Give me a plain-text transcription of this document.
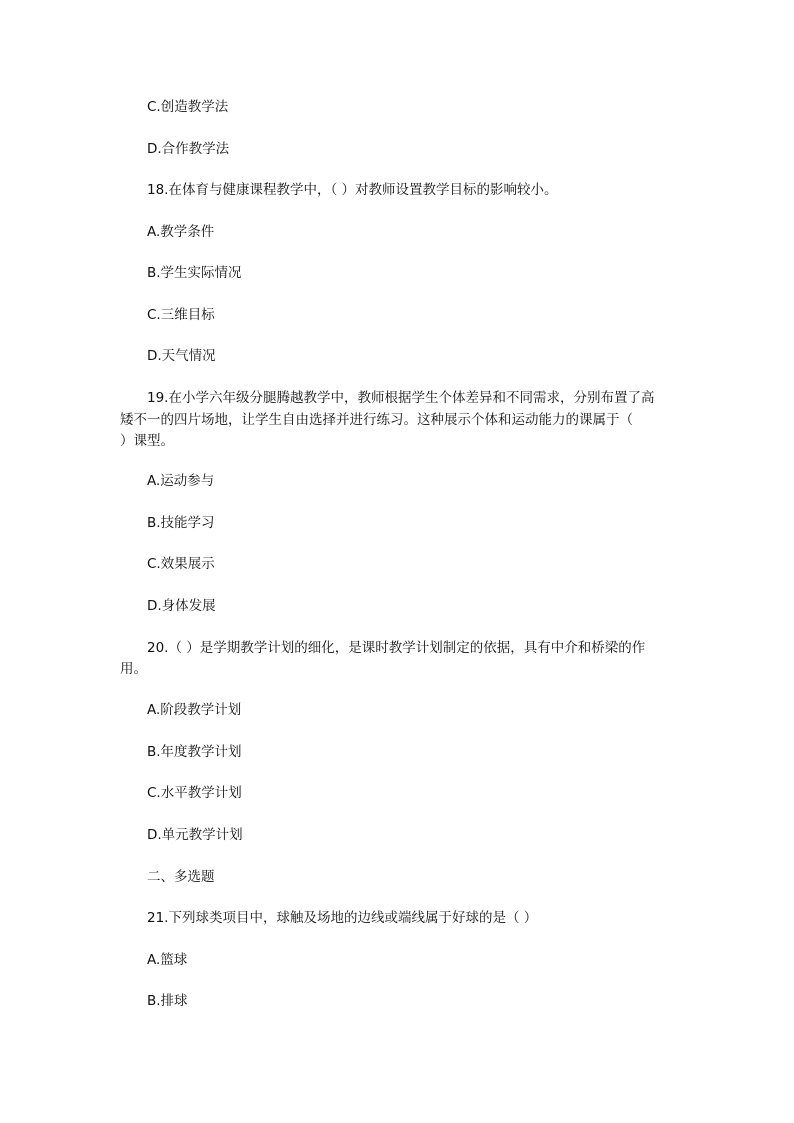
C.创造教学法
D.合作教学法
18.在体育与健康课程教学中，（ ）对教师设置教学目标的影响较小。
A.教学条件
B.学生实际情况
C.三维目标
D.天气情况
19.在小学六年级分腿腾越教学中，教师根据学生个体差异和不同需求，分别布置了高
矮不一的四片场地，让学生自由选择并进行练习。这种展示个体和运动能力的课属于（
）课型。
A.运动参与
B.技能学习
C.效果展示
D.身体发展
20.（ ）是学期教学计划的细化，是课时教学计划制定的依据，具有中介和桥梁的作
用。
A.阶段教学计划
B.年度教学计划
C.水平教学计划
D.单元教学计划
二、多选题
21.下列球类项目中，球触及场地的边线或端线属于好球的是（ ）
A.篮球
B.排球
